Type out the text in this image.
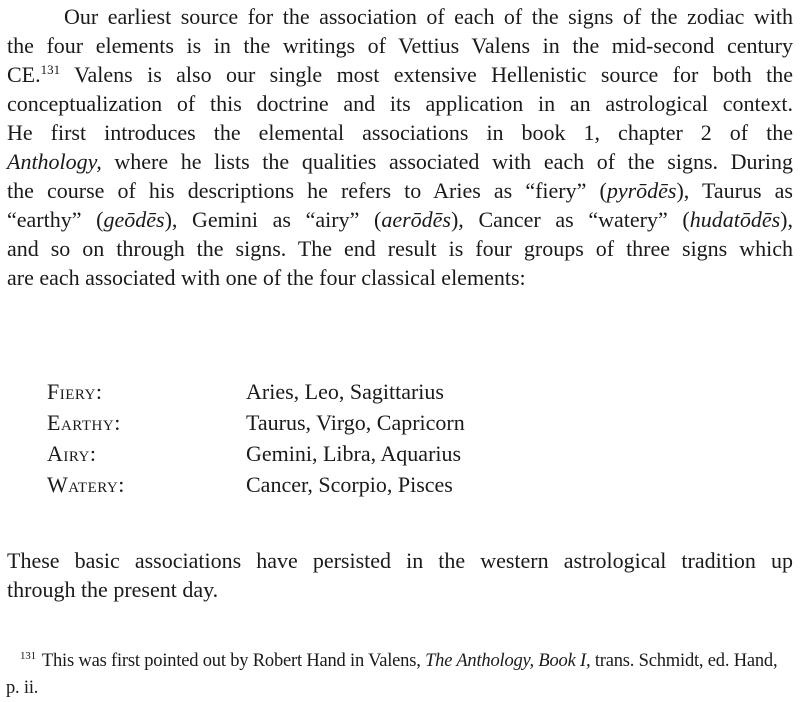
Our earliest source for the association of each of the signs of the zodiac with
the four elements is in the writings of Vettius Valens in the mid-second century
CE.$^{131}$ Valens is also our single most extensive Hellenistic source for both the
conceptualization of this doctrine and its application in an astrological context.
He first introduces the elemental associations in book 1, chapter 2 of the
Anthology, where he lists the qualities associated with each of the signs. During
the course of his descriptions he refers to Aries as “fiery” (pyrōdēs), Taurus as
“earthy” (geōdēs), Gemini as “airy” (aerōdēs), Cancer as “watery” (hudatōdēs),
and so on through the signs. The end result is four groups of three signs which
are each associated with one of the four classical elements:

Fiery:	Aries, Leo, Sagittarius
Earthy:	Taurus, Virgo, Capricorn
Airy:	Gemini, Libra, Aquarius
Watery:	Cancer, Scorpio, Pisces

These basic associations have persisted in the western astrological tradition up
through the present day.

$^{131}$ This was first pointed out by Robert Hand in Valens, The Anthology, Book I, trans. Schmidt, ed. Hand, p. ii.
